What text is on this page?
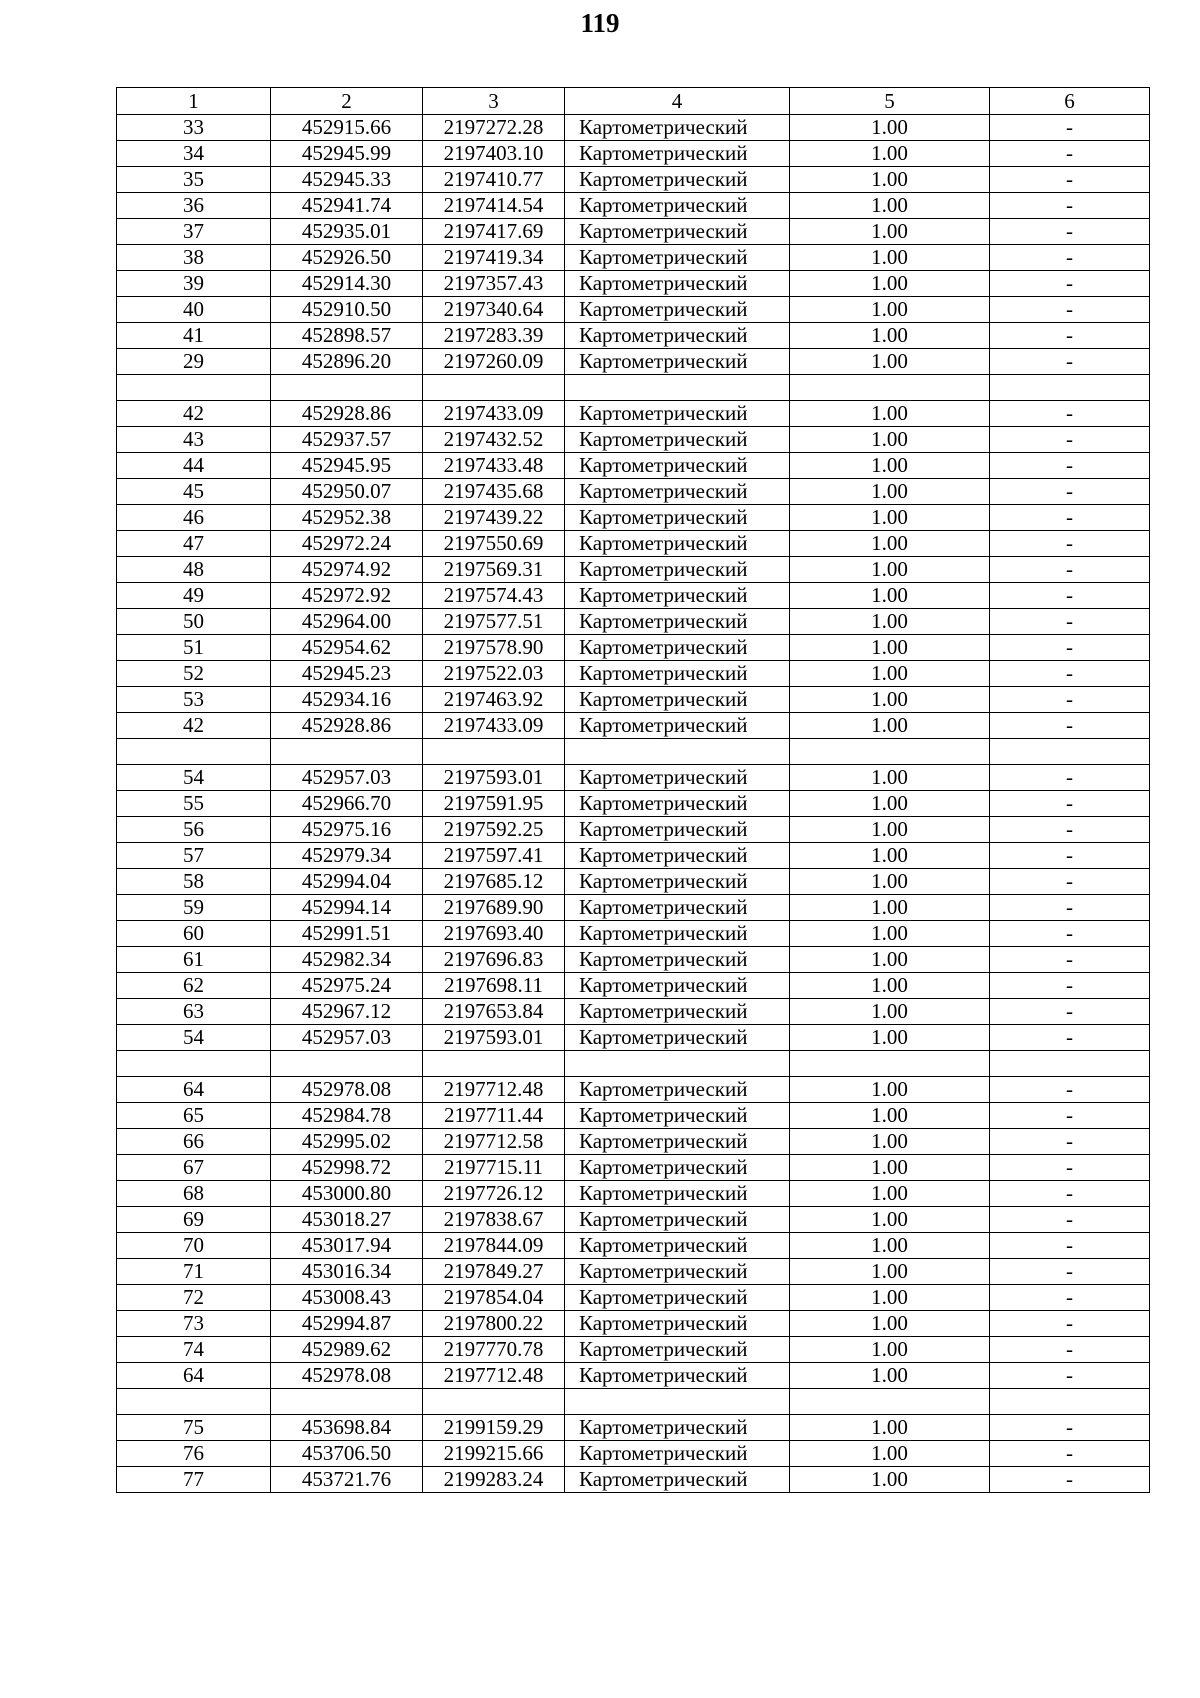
119
1	2	3	4	5	6
33	452915.66	2197272.28	Картометрический	1.00	-
34	452945.99	2197403.10	Картометрический	1.00	-
35	452945.33	2197410.77	Картометрический	1.00	-
36	452941.74	2197414.54	Картометрический	1.00	-
37	452935.01	2197417.69	Картометрический	1.00	-
38	452926.50	2197419.34	Картометрический	1.00	-
39	452914.30	2197357.43	Картометрический	1.00	-
40	452910.50	2197340.64	Картометрический	1.00	-
41	452898.57	2197283.39	Картометрический	1.00	-
29	452896.20	2197260.09	Картометрический	1.00	-

42	452928.86	2197433.09	Картометрический	1.00	-
43	452937.57	2197432.52	Картометрический	1.00	-
44	452945.95	2197433.48	Картометрический	1.00	-
45	452950.07	2197435.68	Картометрический	1.00	-
46	452952.38	2197439.22	Картометрический	1.00	-
47	452972.24	2197550.69	Картометрический	1.00	-
48	452974.92	2197569.31	Картометрический	1.00	-
49	452972.92	2197574.43	Картометрический	1.00	-
50	452964.00	2197577.51	Картометрический	1.00	-
51	452954.62	2197578.90	Картометрический	1.00	-
52	452945.23	2197522.03	Картометрический	1.00	-
53	452934.16	2197463.92	Картометрический	1.00	-
42	452928.86	2197433.09	Картометрический	1.00	-

54	452957.03	2197593.01	Картометрический	1.00	-
55	452966.70	2197591.95	Картометрический	1.00	-
56	452975.16	2197592.25	Картометрический	1.00	-
57	452979.34	2197597.41	Картометрический	1.00	-
58	452994.04	2197685.12	Картометрический	1.00	-
59	452994.14	2197689.90	Картометрический	1.00	-
60	452991.51	2197693.40	Картометрический	1.00	-
61	452982.34	2197696.83	Картометрический	1.00	-
62	452975.24	2197698.11	Картометрический	1.00	-
63	452967.12	2197653.84	Картометрический	1.00	-
54	452957.03	2197593.01	Картометрический	1.00	-

64	452978.08	2197712.48	Картометрический	1.00	-
65	452984.78	2197711.44	Картометрический	1.00	-
66	452995.02	2197712.58	Картометрический	1.00	-
67	452998.72	2197715.11	Картометрический	1.00	-
68	453000.80	2197726.12	Картометрический	1.00	-
69	453018.27	2197838.67	Картометрический	1.00	-
70	453017.94	2197844.09	Картометрический	1.00	-
71	453016.34	2197849.27	Картометрический	1.00	-
72	453008.43	2197854.04	Картометрический	1.00	-
73	452994.87	2197800.22	Картометрический	1.00	-
74	452989.62	2197770.78	Картометрический	1.00	-
64	452978.08	2197712.48	Картометрический	1.00	-

75	453698.84	2199159.29	Картометрический	1.00	-
76	453706.50	2199215.66	Картометрический	1.00	-
77	453721.76	2199283.24	Картометрический	1.00	-
